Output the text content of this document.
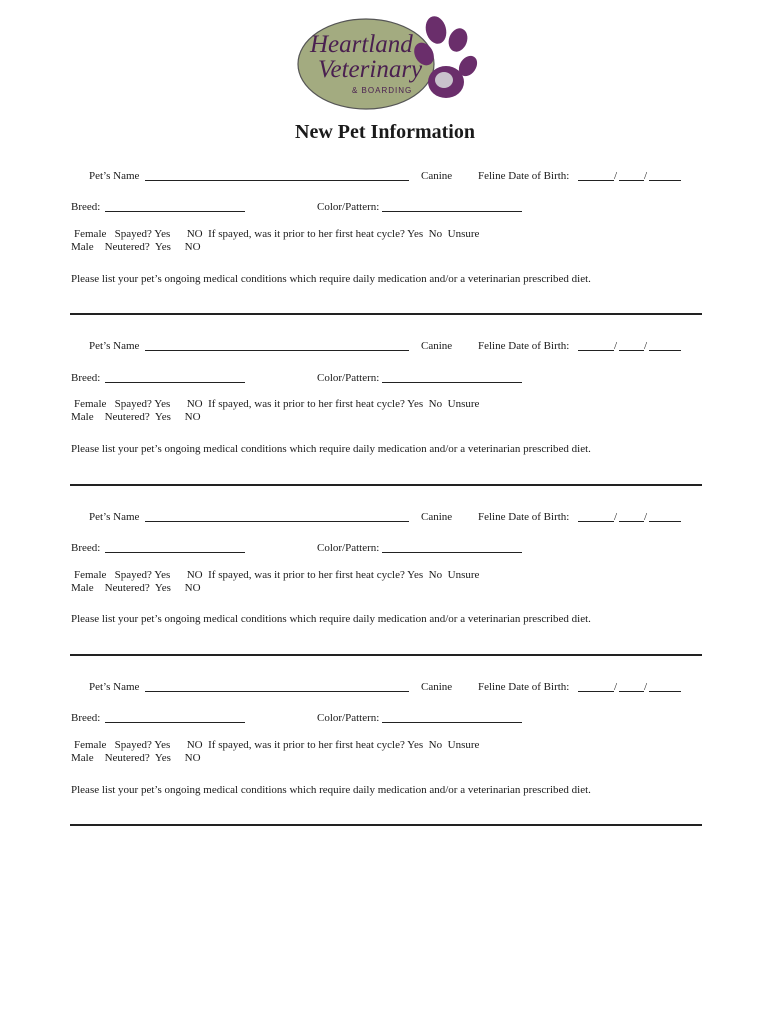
Heartland
Veterinary
& BOARDING
New Pet Information
Pet’s Name	Canine Feline Date of Birth:	/ /
Breed:	Color/Pattern:
Female   Spayed? Yes      NO  If spayed, was it prior to her first heat cycle? Yes  No  Unsure
Male    Neutered?  Yes     NO
Please list your pet’s ongoing medical conditions which require daily medication and/or a veterinarian prescribed diet.
Pet’s Name	Canine Feline Date of Birth:	/ /
Breed:	Color/Pattern:
Female   Spayed? Yes      NO  If spayed, was it prior to her first heat cycle? Yes  No  Unsure
Male    Neutered?  Yes     NO
Please list your pet’s ongoing medical conditions which require daily medication and/or a veterinarian prescribed diet.
Pet’s Name	Canine Feline Date of Birth:	/ /
Breed:	Color/Pattern:
Female   Spayed? Yes      NO  If spayed, was it prior to her first heat cycle? Yes  No  Unsure
Male    Neutered?  Yes     NO
Please list your pet’s ongoing medical conditions which require daily medication and/or a veterinarian prescribed diet.
Pet’s Name	Canine Feline Date of Birth:	/ /
Breed:	Color/Pattern:
Female   Spayed? Yes      NO  If spayed, was it prior to her first heat cycle? Yes  No  Unsure
Male    Neutered?  Yes     NO
Please list your pet’s ongoing medical conditions which require daily medication and/or a veterinarian prescribed diet.
